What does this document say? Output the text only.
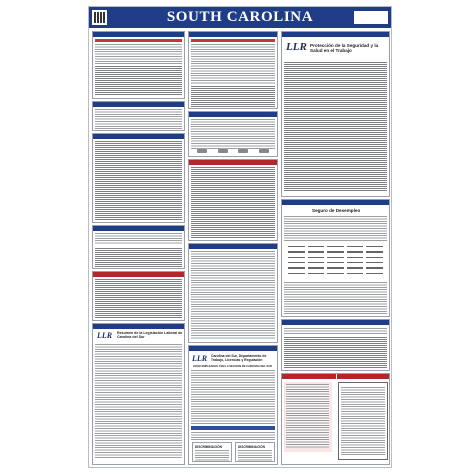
SOUTH CAROLINA
LLR Resumen de la Legislación Laboral de Carolina del Sur
LLR Carolina del Sur, Departamento de Trabajo, Licencias y Regulación
AVISO EMPLEADOS CON LA SECCIÓN DE CAROLINA DEL SUR
DISCRIMINACIÓN	DISCRIMINACIÓN
LLR Protección de la Seguridad y la Salud en el Trabajo
Seguro de Desempleo
